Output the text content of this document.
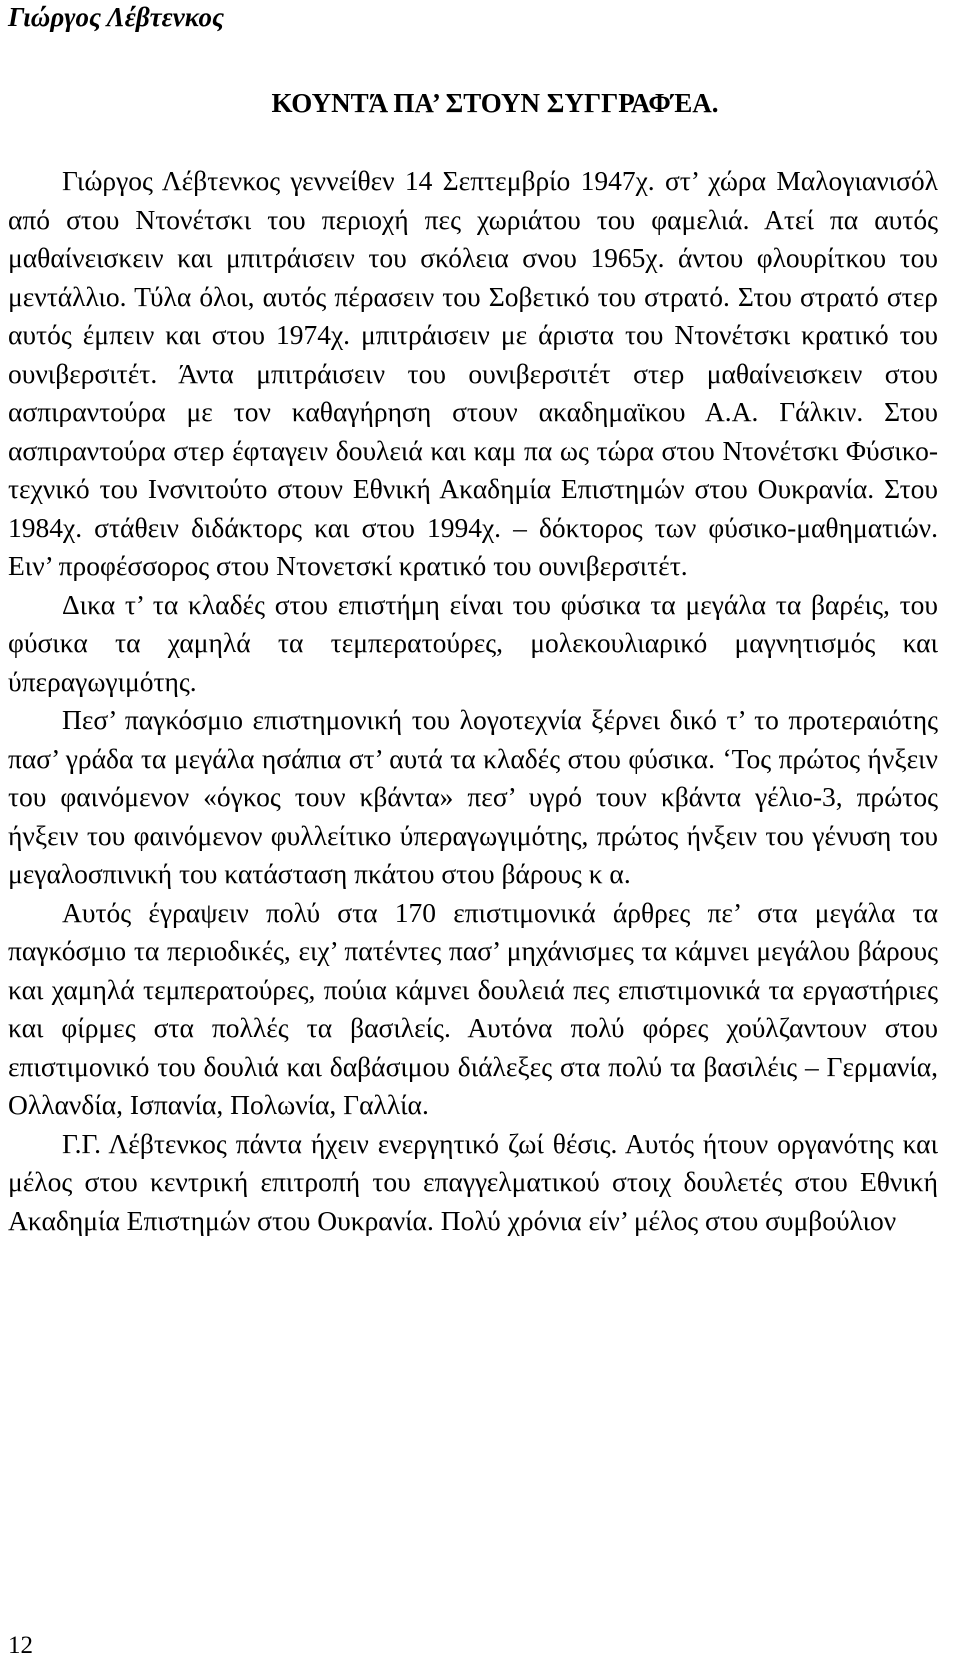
Γιώργος Λέβτενκος
ΚΟΥΝΤΆ ΠΑ’ ΣΤΟΥΝ ΣΥΓΓΡΑΦΈΑ.

Γιώργος Λέβτενκος γεννείθεν 14 Σεπτεμβρίο 1947χ. στ’ χώρα Μαλογιανισόλ από στου Ντονέτσκι του περιοχή πες χωριάτου του φαμελιά. Ατεί πα αυτός μαθαίνεισκειν και μπιτράισειν του σκόλεια σνου 1965χ. άντου φλουρίτκου του μεντάλλιο. Τύλα όλοι, αυτός πέρασειν του Σοβετικό του στρατό. Στου στρατό στερ αυτός έμπειν και στου 1974χ. μπιτράισειν με άριστα του Ντονέτσκι κρατικό του ουνιβερσιτέτ. Άντα μπιτράισειν του ουνιβερσιτέτ στερ μαθαίνεισκειν στου ασπιραντούρα με τον καθαγήρηση στουν ακαδημαϊκου Α.Α. Γάλκιν. Στου ασπιραντούρα στερ έφταγειν δουλειά και καμ πα ως τώρα στου Ντονέτσκι Φύσικο-τεχνικό του Ινσνιτούτο στουν Εθνική Ακαδημία Επιστημών στου Ουκρανία. Στου 1984χ. στάθειν διδάκτορς και στου 1994χ. – δόκτορος των φύσικο-μαθηματιών. Ειν’ προφέσσορος στου Ντονετσκί κρατικό του ουνιβερσιτέτ.

Δικα τ’ τα κλαδές στου επιστήμη είναι του φύσικα τα μεγάλα τα βαρέις, του φύσικα τα χαμηλά τα τεμπερατούρες, μολεκουλιαρικό μαγνητισμός και ύπεραγωγιμότης.

Πεσ’ παγκόσμιο επιστημονική του λογοτεχνία ξέρνει δικό τ’ το προτεραιότης πασ’ γράδα τα μεγάλα ησάπια στ’ αυτά τα κλαδές στου φύσικα. ‘Τος πρώτος ήνξειν του φαινόμενον «όγκος τουν κβάντα» πεσ’ υγρό τουν κβάντα γέλιο-3, πρώτος ήνξειν του φαινόμενον φυλλείτικο ύπεραγωγιμότης, πρώτος ήνξειν του γένυση του μεγαλοσπινική του κατάσταση πκάτου στου βάρους κ α.

Αυτός έγραψειν πολύ στα 170 επιστιμονικά άρθρες πε’ στα μεγάλα τα παγκόσμιο τα περιοδικές, ειχ’ πατέντες πασ’ μηχάνισμες τα κάμνει μεγάλου βάρους και χαμηλά τεμπερατούρες, πούια κάμνει δουλειά πες επιστιμονικά τα εργαστήριες και φίρμες στα πολλές τα βασιλείς. Αυτόνα πολύ φόρες χούλζαντουν στου επιστιμονικό του δουλιά και δαβάσιμου διάλεξες στα πολύ τα βασιλέις – Γερμανία, Ολλανδία, Ισπανία, Πολωνία, Γαλλία.

Γ.Γ. Λέβτενκος πάντα ήχειν ενεργητικό ζωί θέσις. Αυτός ήτουν οργανότης και μέλος στου κεντρική επιτροπή του επαγγελματικού στοιχ δουλετές στου Εθνική Ακαδημία Επιστημών στου Ουκρανία. Πολύ χρόνια είν’ μέλος στου συμβούλιον

12
